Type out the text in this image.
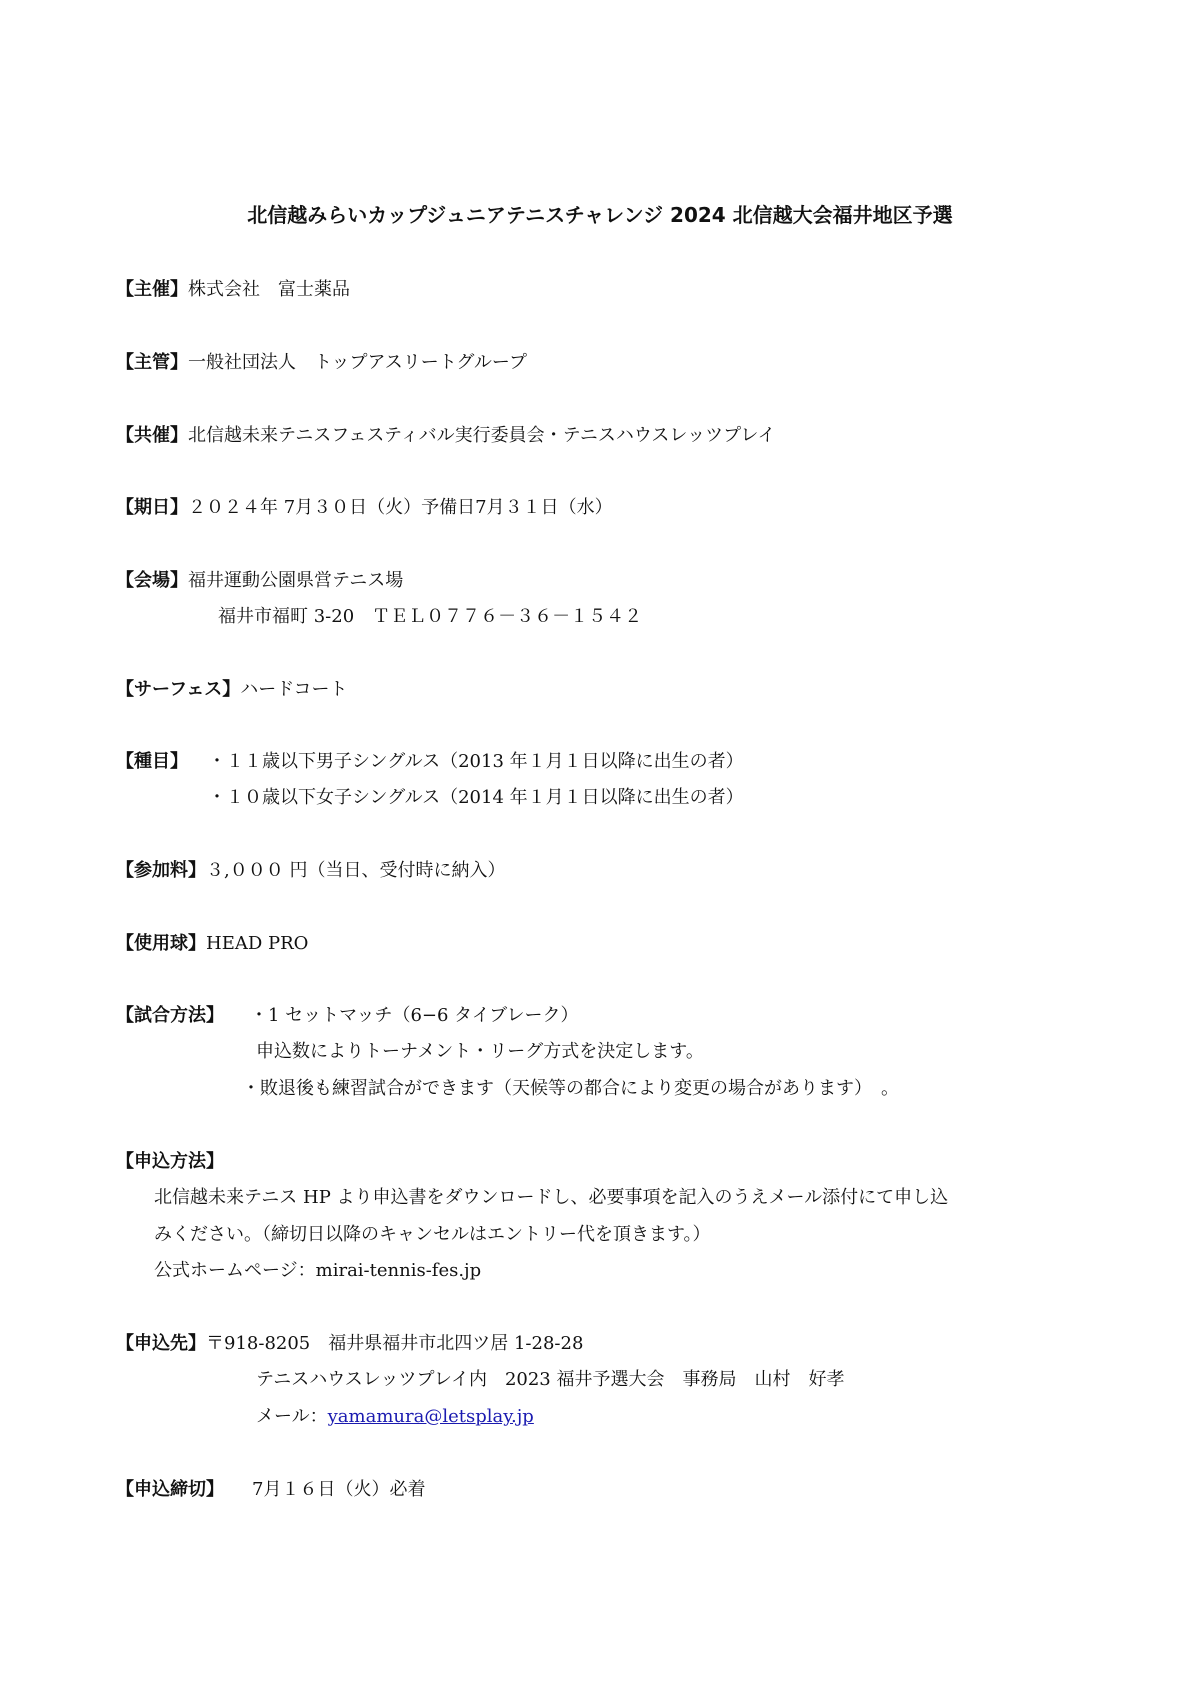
北信越みらいカップジュニアテニスチャレンジ 2024 北信越大会福井地区予選
【主催】株式会社　富士薬品
【主管】一般社団法人　トップアスリートグループ
【共催】北信越未来テニスフェスティバル実行委員会・テニスハウスレッツプレイ
【期日】２０２４年 7月３０日（火）予備日7月３１日（水）
【会場】福井運動公園県営テニス場
福井市福町 3-20　ＴＥＬ０７７６－３６－１５４２
【サーフェス】ハードコート
【種目】 ・１１歳以下男子シングルス（2013 年１月１日以降に出生の者）
・１０歳以下女子シングルス（2014 年１月１日以降に出生の者）
【参加料】３,０００ 円（当日、受付時に納入）
【使用球】HEAD PRO
【試合方法】 ・1 セットマッチ（6−6 タイブレーク）
申込数によりトーナメント・リーグ方式を決定します。
・敗退後も練習試合ができます（天候等の都合により変更の場合があります）　。
【申込方法】
北信越未来テニス HP より申込書をダウンロードし、必要事項を記入のうえメール添付にて申し込
みください。（締切日以降のキャンセルはエントリー代を頂きます。）
公式ホームページ：mirai-tennis-fes.jp
【申込先】〒918-8205　福井県福井市北四ツ居 1-28-28
テニスハウスレッツプレイ内　2023 福井予選大会　事務局　山村　好孝
メール：yamamura@letsplay.jp
【申込締切】 7月１６日（火）必着
